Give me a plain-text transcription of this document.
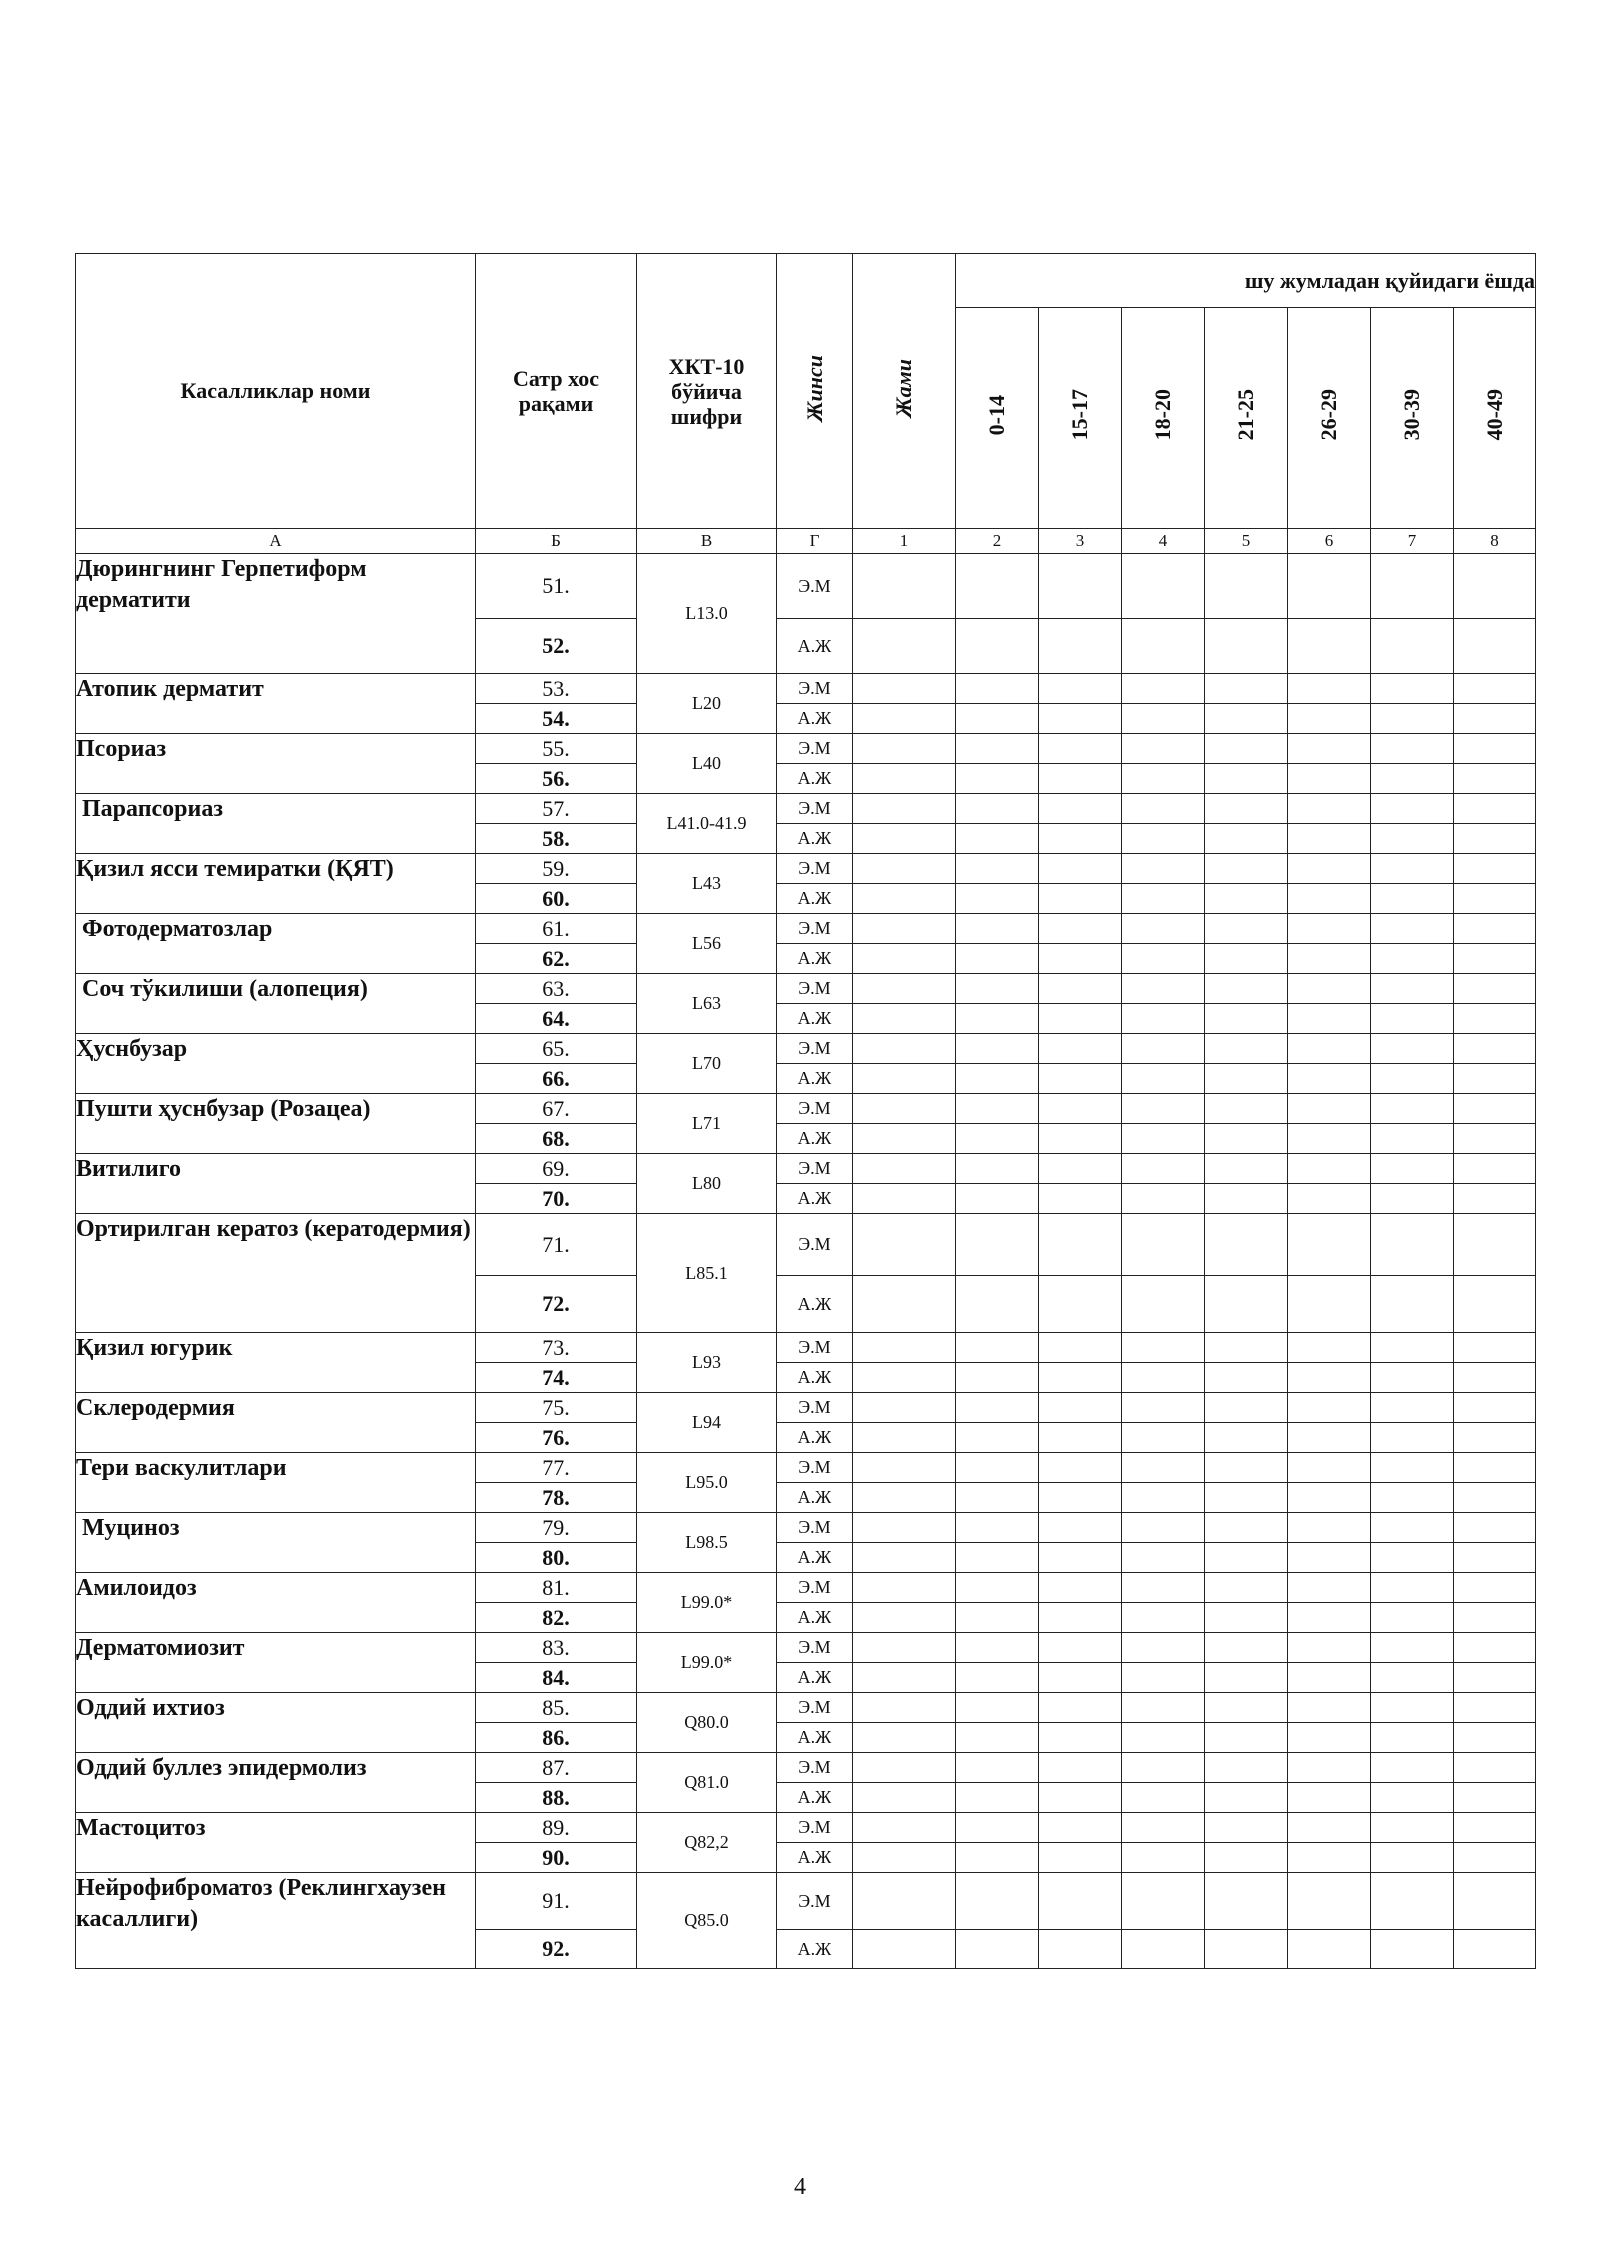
Касалликлар номи	Сатр хос рақами	ХКТ-10 бўйича шифри	Жинси	Жами	шу жумладан қуйидаги ёшда						
					0-14	15-17	18-20	21-25	26-29	30-39	40-49
А	Б	В	Г	1	2	3	4	5	6	7	8
Дюрингнинг Герпетиформ дерматити	51.	L13.0	Э.М								
	52.		А.Ж								
Атопик дерматит	53.	L20	Э.М								
	54.		А.Ж								
Псориаз	55.	L40	Э.М								
	56.		А.Ж								
Парапсориаз	57.	L41.0-41.9	Э.М								
	58.		А.Ж								
Қизил ясси темиратки (ҚЯТ)	59.	L43	Э.М								
	60.		А.Ж								
Фотодерматозлар	61.	L56	Э.М								
	62.		А.Ж								
Соч тўкилиши (алопеция)	63.	L63	Э.М								
	64.		А.Ж								
Ҳуснбузар	65.	L70	Э.М								
	66.		А.Ж								
Пушти ҳуснбузар (Розацеа)	67.	L71	Э.М								
	68.		А.Ж								
Витилиго	69.	L80	Э.М								
	70.		А.Ж								
Ортирилган кератоз (кератодермия)	71.	L85.1	Э.М								
	72.		А.Ж								
Қизил югурик	73.	L93	Э.М								
	74.		А.Ж								
Склеродермия	75.	L94	Э.М								
	76.		А.Ж								
Тери васкулитлари	77.	L95.0	Э.М								
	78.		А.Ж								
Муциноз	79.	L98.5	Э.М								
	80.		А.Ж								
Амилоидоз	81.	L99.0*	Э.М								
	82.		А.Ж								
Дерматомиозит	83.	L99.0*	Э.М								
	84.		А.Ж								
Оддий ихтиоз	85.	Q80.0	Э.М								
	86.		А.Ж								
Оддий буллез эпидермолиз	87.	Q81.0	Э.М								
	88.		А.Ж								
Мастоцитоз	89.	Q82,2	Э.М								
	90.		А.Ж								
Нейрофиброматоз (Реклингхаузен касаллиги)	91.	Q85.0	Э.М								
	92.		А.Ж								
4
